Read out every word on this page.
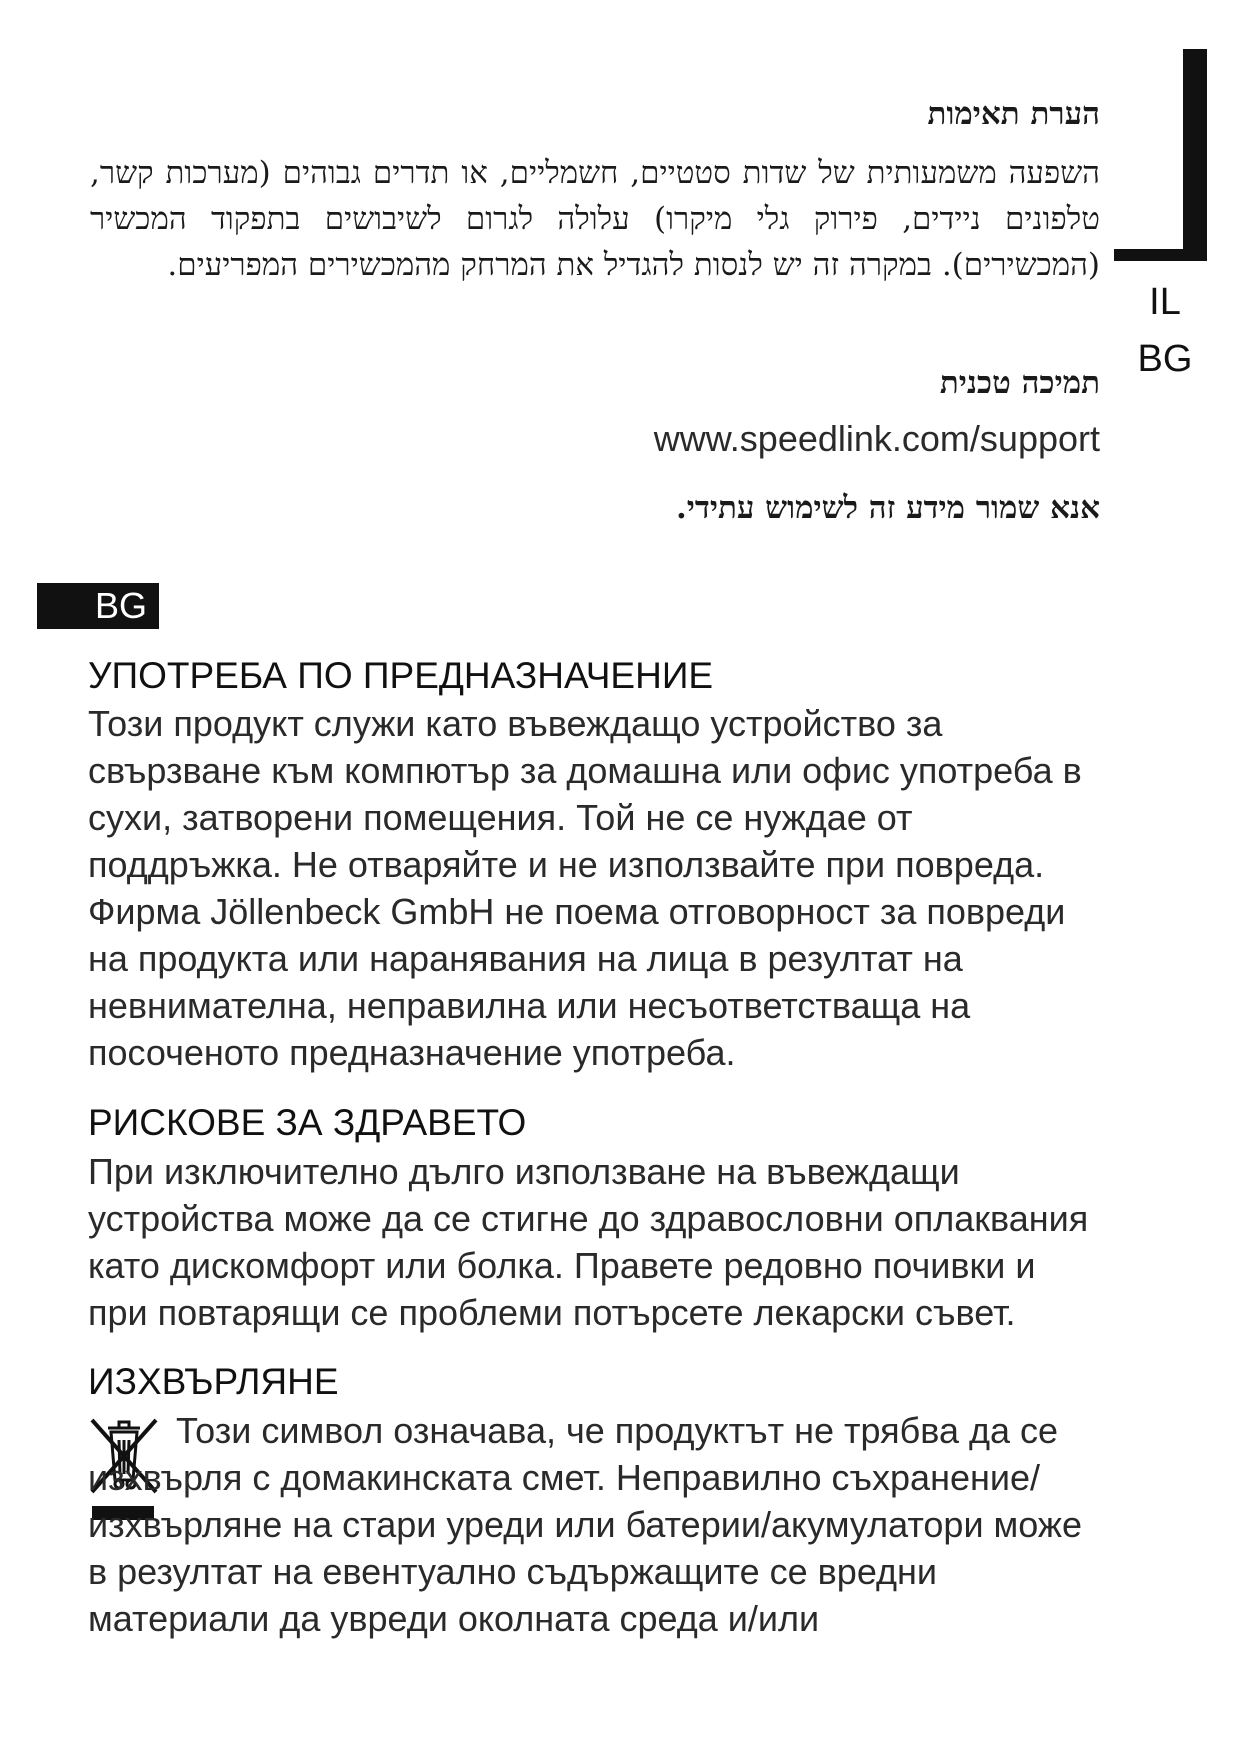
IL
BG
הערת תאימות
השפעה משמעותית של שדות סטטיים, חשמליים, או תדרים גבוהים (מערכות קשר, טלפונים ניידים, פירוק גלי מיקרו) עלולה לגרום לשיבושים בתפקוד המכשיר (המכשירים). במקרה זה יש לנסות להגדיל את המרחק מהמכשירים המפריעים.
תמיכה טכנית
www.speedlink.com/support
אנא שמור מידע זה לשימוש עתידי.
BG
УПОТРЕБА ПО ПРЕДНАЗНАЧЕНИЕ

Този продукт служи като въвеждащо устройство за свързване към компютър за домашна или офис употреба в сухи, затворени помещения. Той не се нуждае от поддръжка. Не отваряйте и не използвайте при повреда. Фирма Jöllenbeck GmbH не поема отговорност за повреди на продукта или наранявания на лица в резултат на невнимателна, неправилна или несъответстваща на посоченото предназначение употреба.

РИСКОВЕ ЗА ЗДРАВЕТО

При изключително дълго използване на въвеждащи устройства може да се стигне до здравословни оплаквания като дискомфорт или болка. Правете редовно почивки и при повтарящи се проблеми потърсете лекарски съвет.

ИЗХВЪРЛЯНЕ

Този символ означава, че продуктът не трябва да се изхвърля с домакинската смет. Неправилно съхранение/изхвърляне на стари уреди или батерии/акумулатори може в резултат на евентуално съдържащите се вредни материали да увреди околната среда и/или
